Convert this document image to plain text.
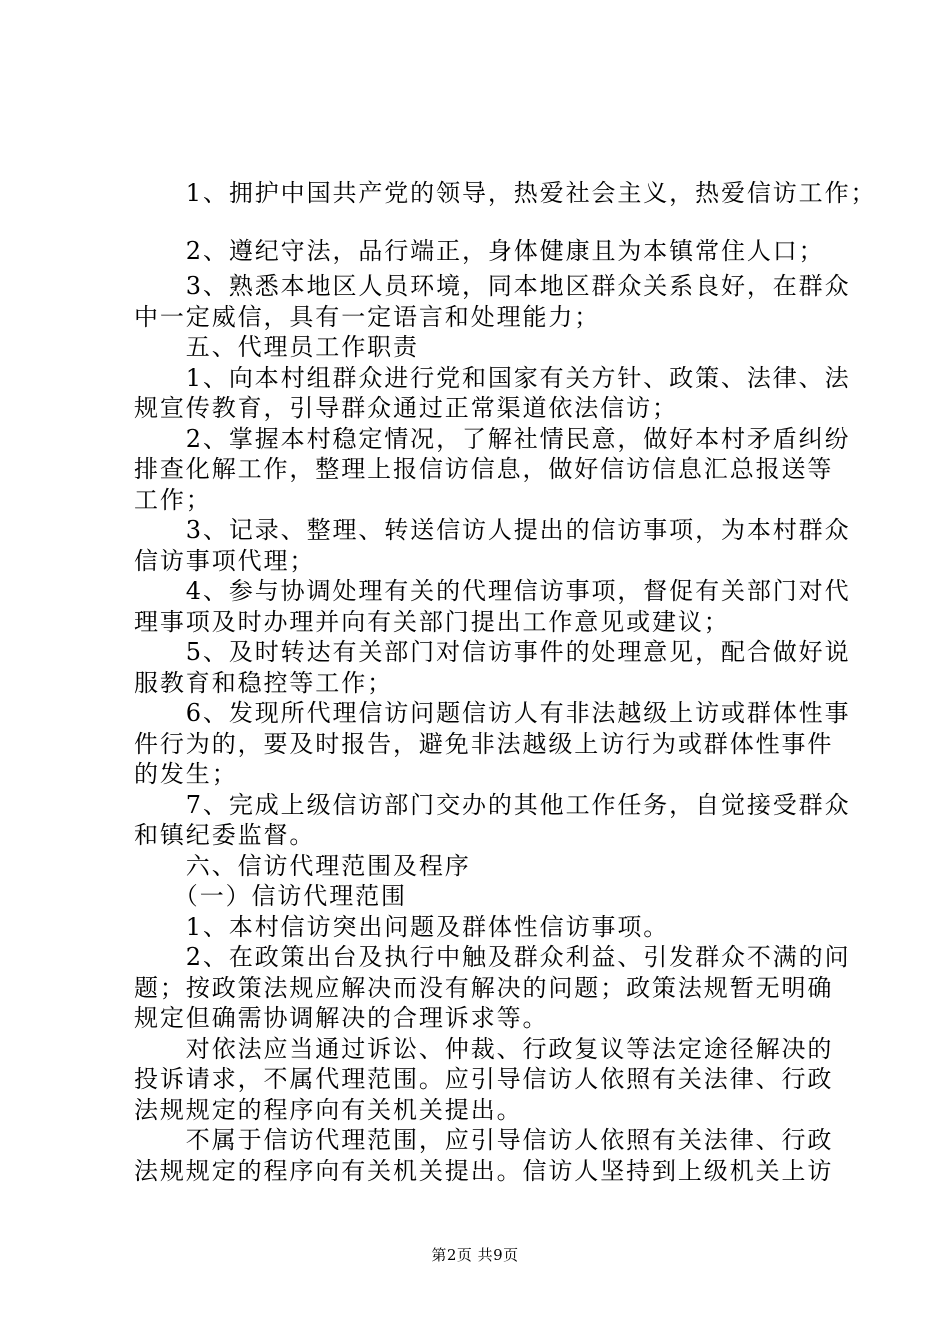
　　1、拥护中国共产党的领导，热爱社会主义，热爱信访工作；
　　2、遵纪守法，品行端正，身体健康且为本镇常住人口；
　　3、熟悉本地区人员环境，同本地区群众关系良好，在群众
中一定威信，具有一定语言和处理能力；
　　五、代理员工作职责
　　1、向本村组群众进行党和国家有关方针、政策、法律、法
规宣传教育，引导群众通过正常渠道依法信访；
　　2、掌握本村稳定情况，了解社情民意，做好本村矛盾纠纷
排查化解工作，整理上报信访信息，做好信访信息汇总报送等
工作；
　　3、记录、整理、转送信访人提出的信访事项，为本村群众
信访事项代理；
　　4、参与协调处理有关的代理信访事项，督促有关部门对代
理事项及时办理并向有关部门提出工作意见或建议；
　　5、及时转达有关部门对信访事件的处理意见，配合做好说
服教育和稳控等工作；
　　6、发现所代理信访问题信访人有非法越级上访或群体性事
件行为的，要及时报告，避免非法越级上访行为或群体性事件
的发生；
　　7、完成上级信访部门交办的其他工作任务，自觉接受群众
和镇纪委监督。
　　六、信访代理范围及程序
　　（一）信访代理范围
　　1、本村信访突出问题及群体性信访事项。
　　2、在政策出台及执行中触及群众利益、引发群众不满的问
题；按政策法规应解决而没有解决的问题；政策法规暂无明确
规定但确需协调解决的合理诉求等。
　　对依法应当通过诉讼、仲裁、行政复议等法定途径解决的
投诉请求，不属代理范围。应引导信访人依照有关法律、行政
法规规定的程序向有关机关提出。
　　不属于信访代理范围，应引导信访人依照有关法律、行政
法规规定的程序向有关机关提出。信访人坚持到上级机关上访
第2页 共9页
